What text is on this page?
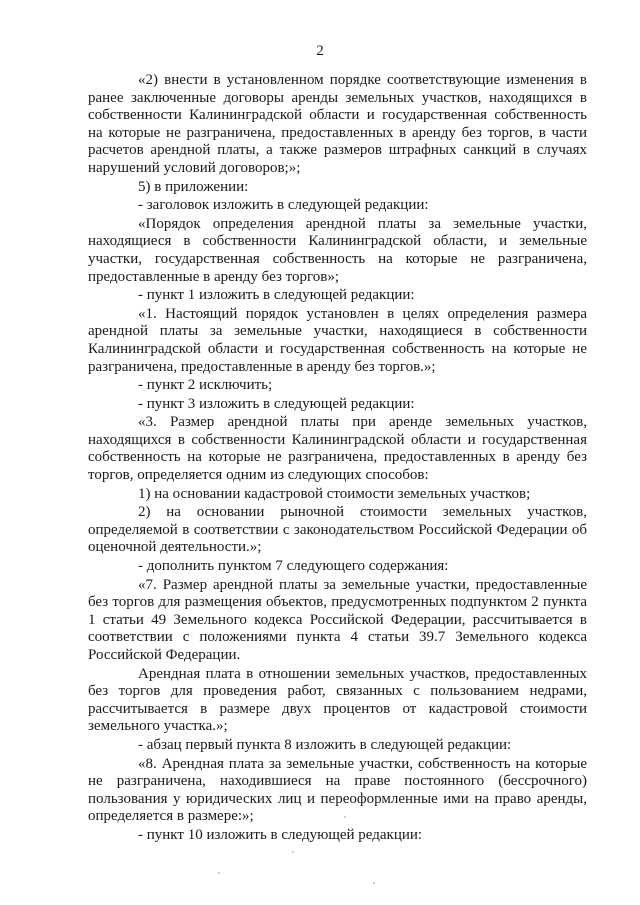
2

«2) внести в установленном порядке соответствующие изменения в ранее заключенные договоры аренды земельных участков, находящихся в собственности Калининградской области и государственная собственность на которые не разграничена, предоставленных в аренду без торгов, в части расчетов арендной платы, а также размеров штрафных санкций в случаях нарушений условий договоров;»;

5) в приложении:

- заголовок изложить в следующей редакции:

«Порядок определения арендной платы за земельные участки, находящиеся в собственности Калининградской области, и земельные участки, государственная собственность на которые не разграничена, предоставленные в аренду без торгов»;

- пункт 1 изложить в следующей редакции:

«1. Настоящий порядок установлен в целях определения размера арендной платы за земельные участки, находящиеся в собственности Калининградской области и государственная собственность на которые не разграничена, предоставленные в аренду без торгов.»;

- пункт 2 исключить;

- пункт 3 изложить в следующей редакции:

«3. Размер арендной платы при аренде земельных участков, находящихся в собственности Калининградской области и государственная собственность на которые не разграничена, предоставленных в аренду без торгов, определяется одним из следующих способов:

1) на основании кадастровой стоимости земельных участков;

2) на основании рыночной стоимости земельных участков, определяемой в соответствии с законодательством Российской Федерации об оценочной деятельности.»;

- дополнить пунктом 7 следующего содержания:

«7. Размер арендной платы за земельные участки, предоставленные без торгов для размещения объектов, предусмотренных подпунктом 2 пункта 1 статьи 49 Земельного кодекса Российской Федерации, рассчитывается в соответствии с положениями пункта 4 статьи 39.7 Земельного кодекса Российской Федерации.

Арендная плата в отношении земельных участков, предоставленных без торгов для проведения работ, связанных с пользованием недрами, рассчитывается в размере двух процентов от кадастровой стоимости земельного участка.»;

- абзац первый пункта 8 изложить в следующей редакции:

«8. Арендная плата за земельные участки, собственность на которые не разграничена, находившиеся на праве постоянного (бессрочного) пользования у юридических лиц и переоформленные ими на право аренды, определяется в размере:»;

- пункт 10 изложить в следующей редакции:
